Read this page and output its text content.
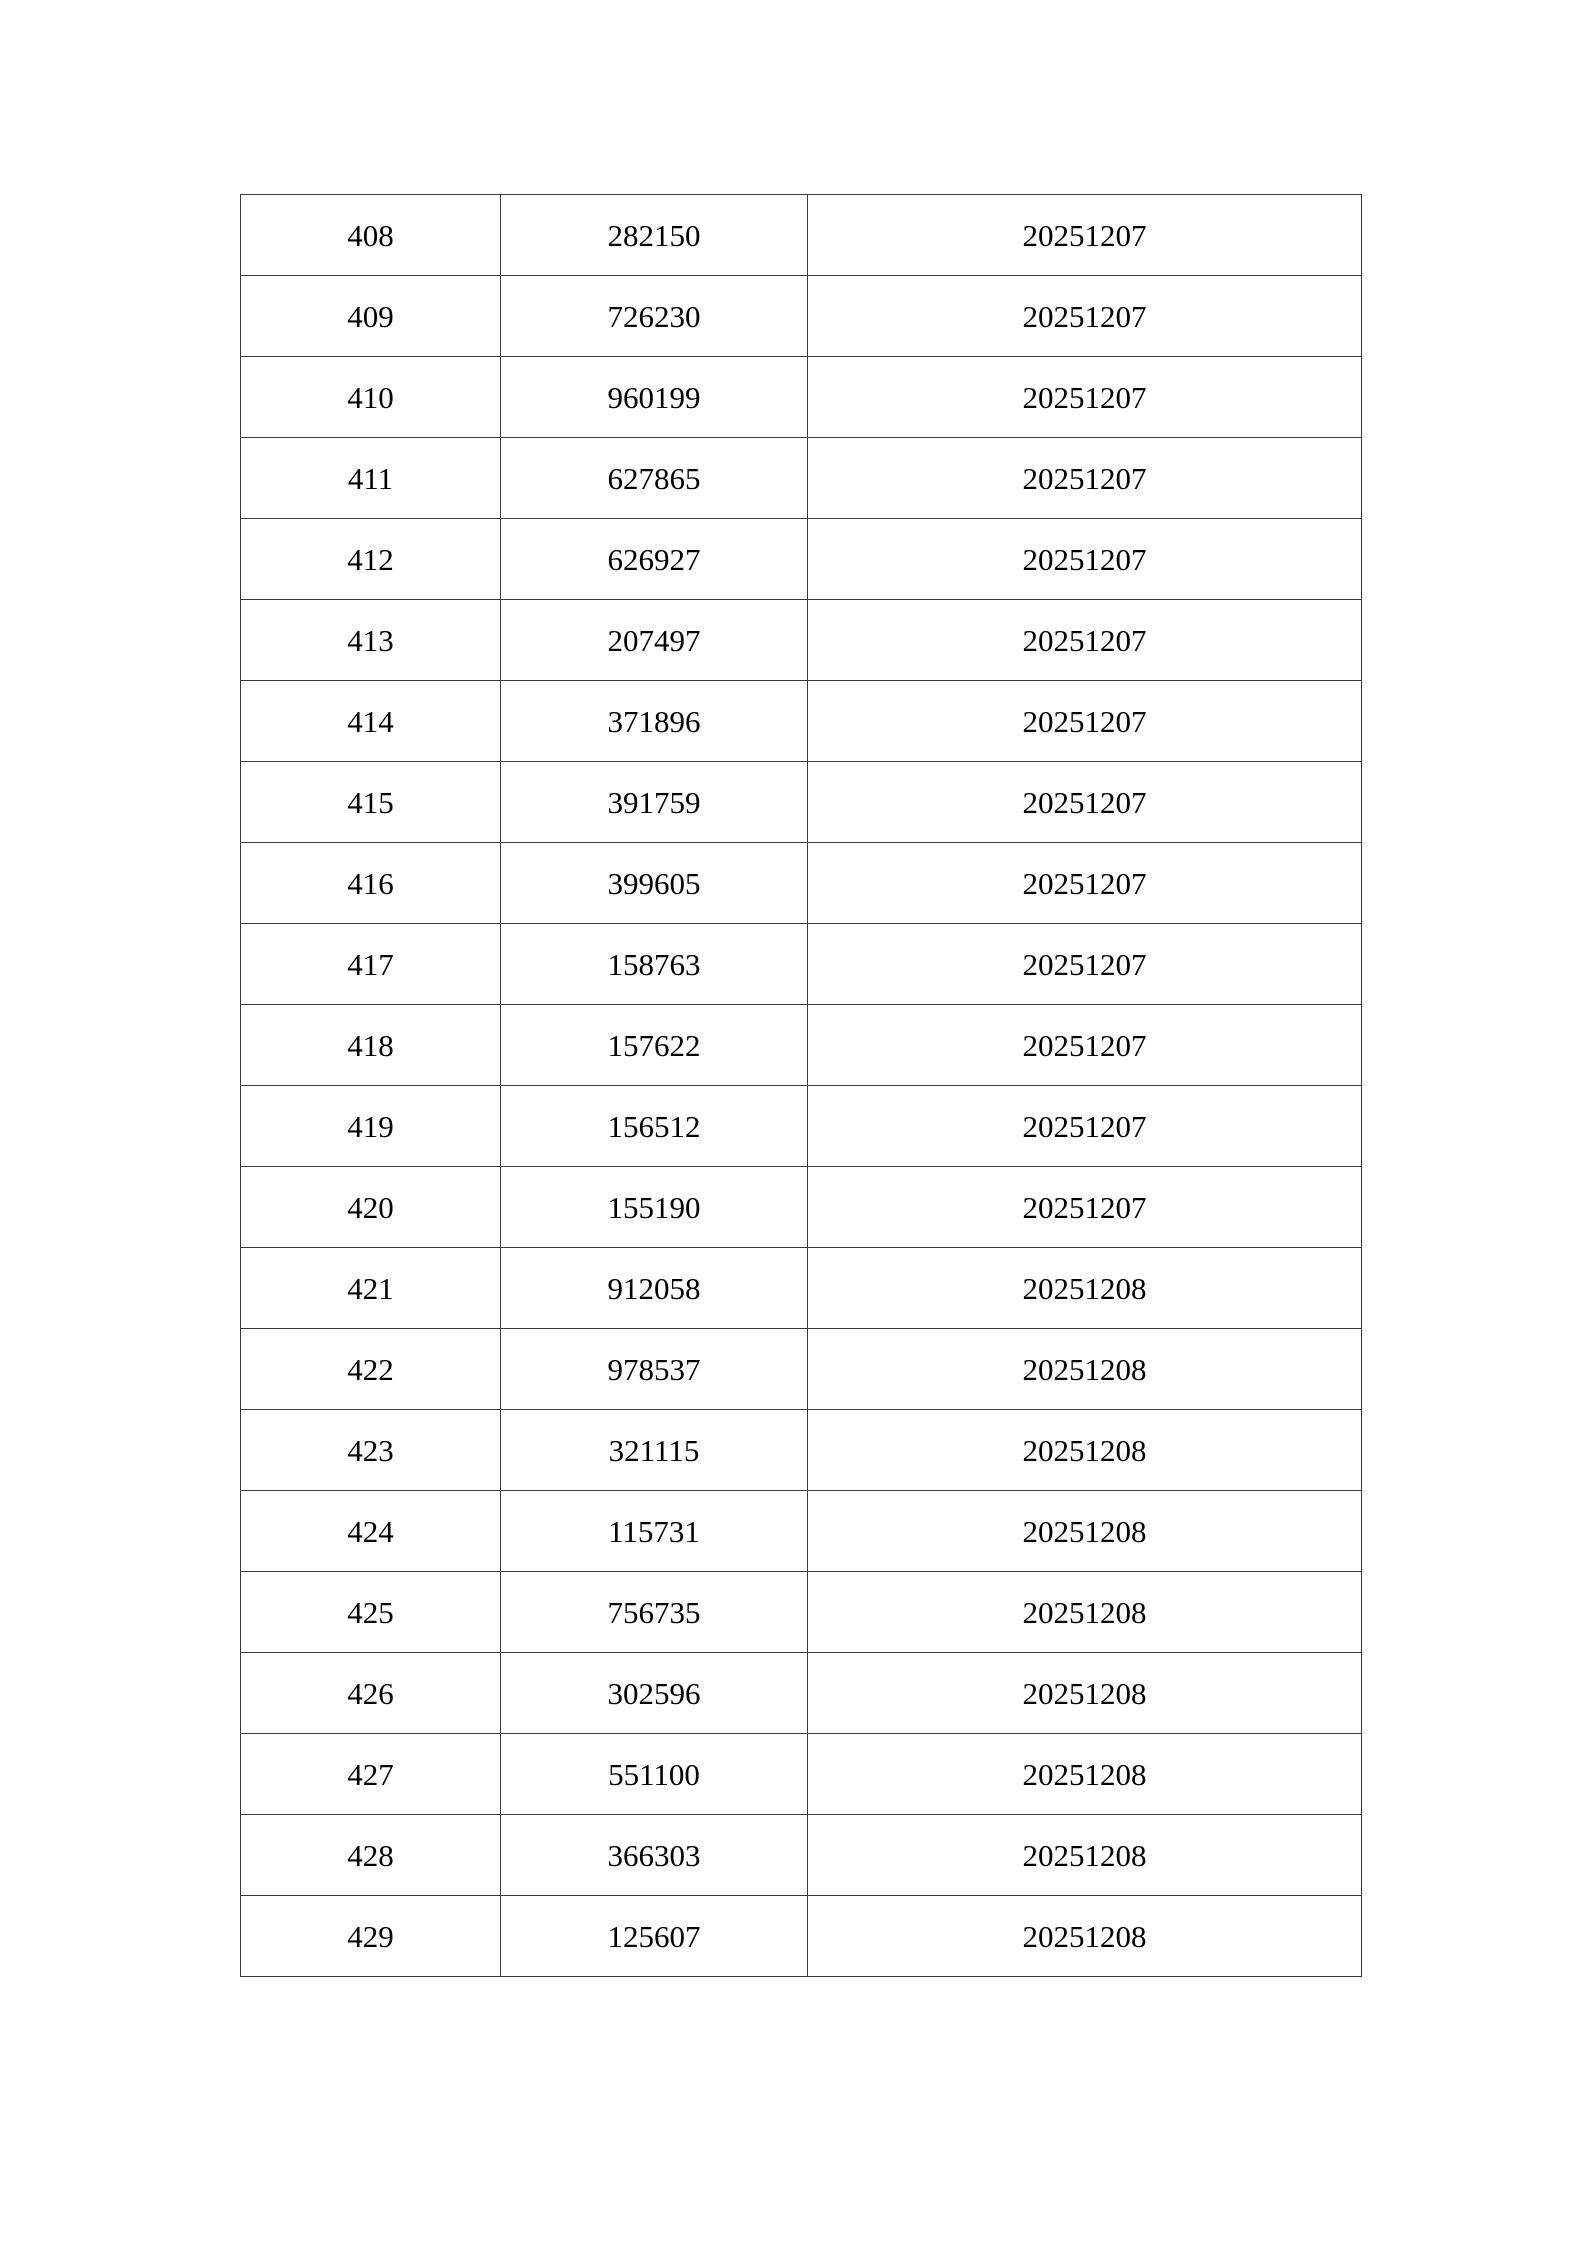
408	282150	20251207
409	726230	20251207
410	960199	20251207
411	627865	20251207
412	626927	20251207
413	207497	20251207
414	371896	20251207
415	391759	20251207
416	399605	20251207
417	158763	20251207
418	157622	20251207
419	156512	20251207
420	155190	20251207
421	912058	20251208
422	978537	20251208
423	321115	20251208
424	115731	20251208
425	756735	20251208
426	302596	20251208
427	551100	20251208
428	366303	20251208
429	125607	20251208
